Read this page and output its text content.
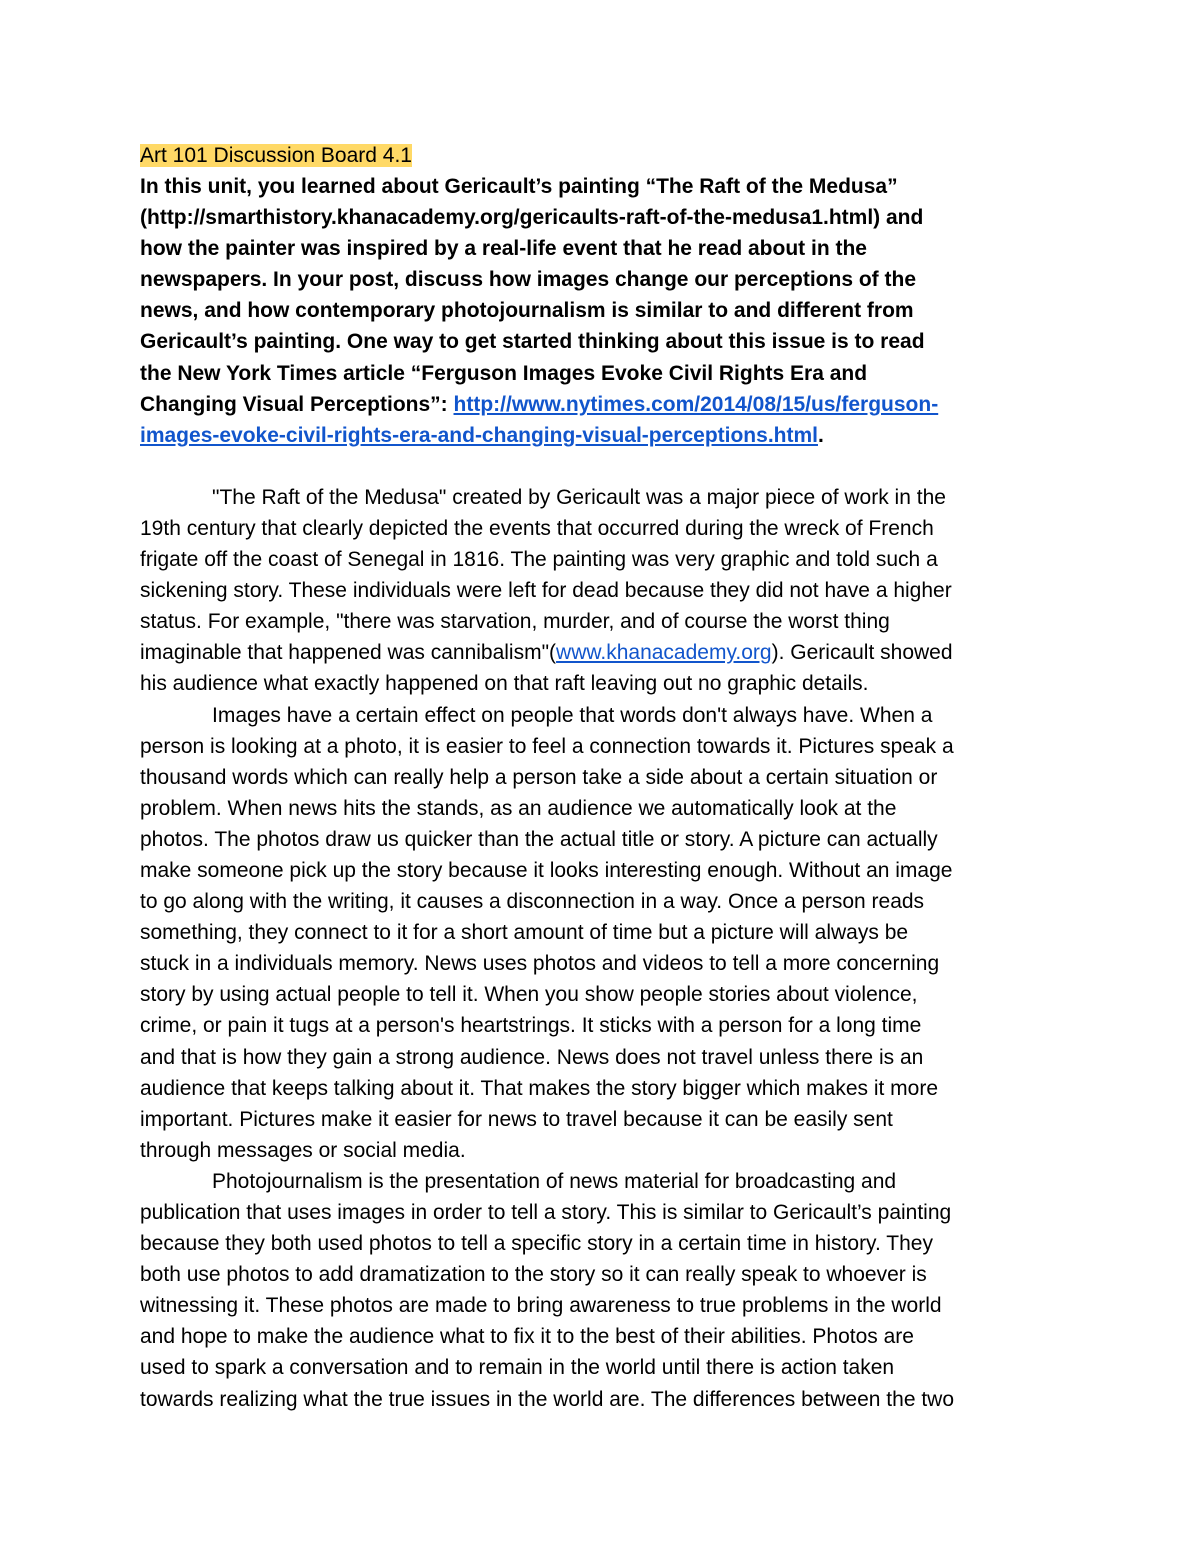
Art 101 Discussion Board 4.1
In this unit, you learned about Gericault’s painting “The Raft of the Medusa”
(http://smarthistory.khanacademy.org/gericaults-raft-of-the-medusa1.html) and
how the painter was inspired by a real-life event that he read about in the
newspapers. In your post, discuss how images change our perceptions of the
news, and how contemporary photojournalism is similar to and different from
Gericault’s painting. One way to get started thinking about this issue is to read
the New York Times article “Ferguson Images Evoke Civil Rights Era and
Changing Visual Perceptions”: http://www.nytimes.com/2014/08/15/us/ferguson-
images-evoke-civil-rights-era-and-changing-visual-perceptions.html.
"The Raft of the Medusa" created by Gericault was a major piece of work in the
19th century that clearly depicted the events that occurred during the wreck of French
frigate off the coast of Senegal in 1816. The painting was very graphic and told such a
sickening story. These individuals were left for dead because they did not have a higher
status. For example, "there was starvation, murder, and of course the worst thing
imaginable that happened was cannibalism"(www.khanacademy.org). Gericault showed
his audience what exactly happened on that raft leaving out no graphic details.
Images have a certain effect on people that words don't always have. When a
person is looking at a photo, it is easier to feel a connection towards it. Pictures speak a
thousand words which can really help a person take a side about a certain situation or
problem. When news hits the stands, as an audience we automatically look at the
photos. The photos draw us quicker than the actual title or story. A picture can actually
make someone pick up the story because it looks interesting enough. Without an image
to go along with the writing, it causes a disconnection in a way. Once a person reads
something, they connect to it for a short amount of time but a picture will always be
stuck in a individuals memory. News uses photos and videos to tell a more concerning
story by using actual people to tell it. When you show people stories about violence,
crime, or pain it tugs at a person's heartstrings. It sticks with a person for a long time
and that is how they gain a strong audience. News does not travel unless there is an
audience that keeps talking about it. That makes the story bigger which makes it more
important. Pictures make it easier for news to travel because it can be easily sent
through messages or social media.
Photojournalism is the presentation of news material for broadcasting and
publication that uses images in order to tell a story. This is similar to Gericault’s painting
because they both used photos to tell a specific story in a certain time in history. They
both use photos to add dramatization to the story so it can really speak to whoever is
witnessing it. These photos are made to bring awareness to true problems in the world
and hope to make the audience what to fix it to the best of their abilities. Photos are
used to spark a conversation and to remain in the world until there is action taken
towards realizing what the true issues in the world are. The differences between the two
